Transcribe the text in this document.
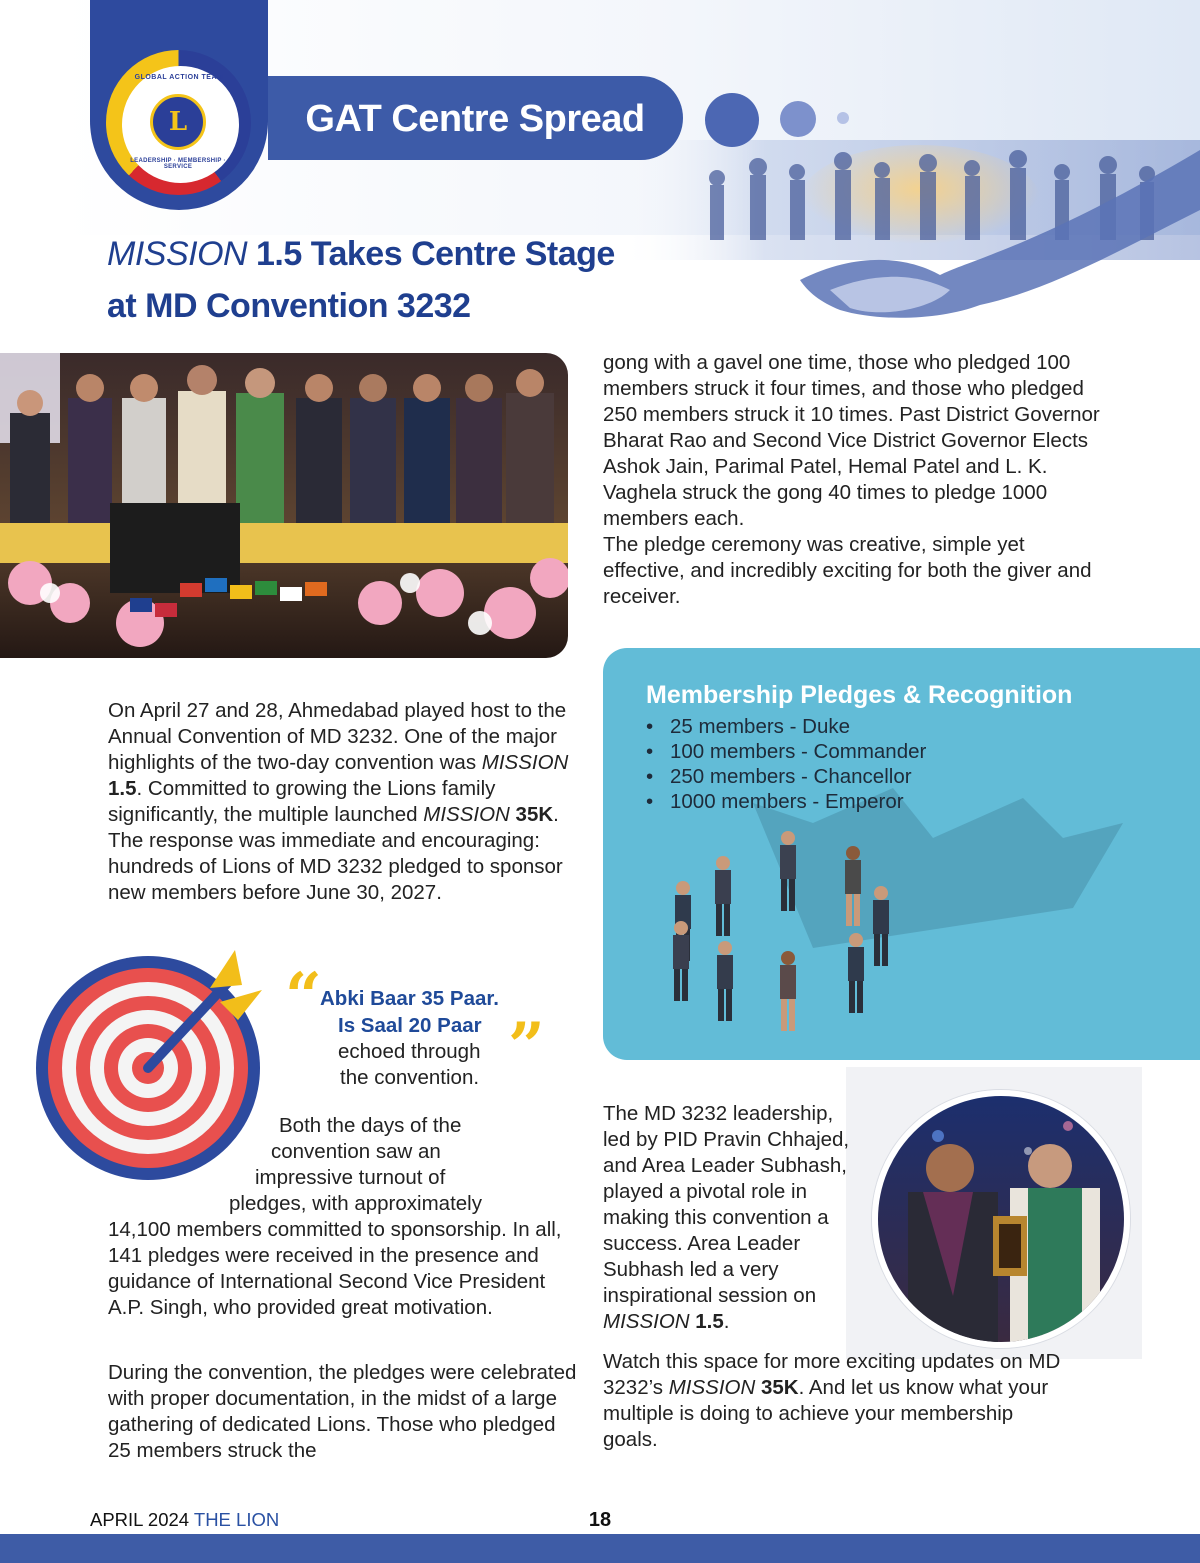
GLOBAL ACTION TEAM
L
LEADERSHIP · MEMBERSHIP · SERVICE
GAT Centre Spread
MISSION 1.5 Takes Centre Stage
at MD Convention 3232
gong with a gavel one time, those who pledged 100 members struck it four times, and those who pledged 250 members struck it 10 times. Past District Governor Bharat Rao and Second Vice District Governor Elects Ashok Jain, Parimal Patel, Hemal Patel and L. K. Vaghela struck the gong 40 times to pledge 1000 members each.
The pledge ceremony was creative, simple yet effective, and incredibly exciting for both the giver and receiver.
Membership Pledges & Recognition
• 25 members - Duke
• 100 members - Commander
• 250 members - Chancellor
• 1000 members - Emperor
On April 27 and 28, Ahmedabad played host to the Annual Convention of MD 3232. One of the major highlights of the two-day convention was MISSION 1.5. Committed to growing the Lions family significantly, the multiple launched MISSION 35K. The response was immediate and encouraging: hundreds of Lions of MD 3232 pledged to sponsor new members before June 30, 2027.
“
Abki Baar 35 Paar.
Is Saal 20 Paar ”
echoed through
the convention.
Both the days of the
convention saw an
impressive turnout of
pledges, with approximately
14,100 members committed to sponsorship. In all, 141 pledges were received in the presence and guidance of International Second Vice President A.P. Singh, who provided great motivation.
During the convention, the pledges were celebrated with proper documentation, in the midst of a large gathering of dedicated Lions. Those who pledged 25 members struck the
The MD 3232 leadership, led by PID Pravin Chhajed, and Area Leader Subhash, played a pivotal role in making this convention a success. Area Leader Subhash led a very inspirational session on MISSION 1.5.
Watch this space for more exciting updates on MD 3232’s MISSION 35K. And let us know what your multiple is doing to achieve your membership goals.
APRIL 2024 THE LION	18
